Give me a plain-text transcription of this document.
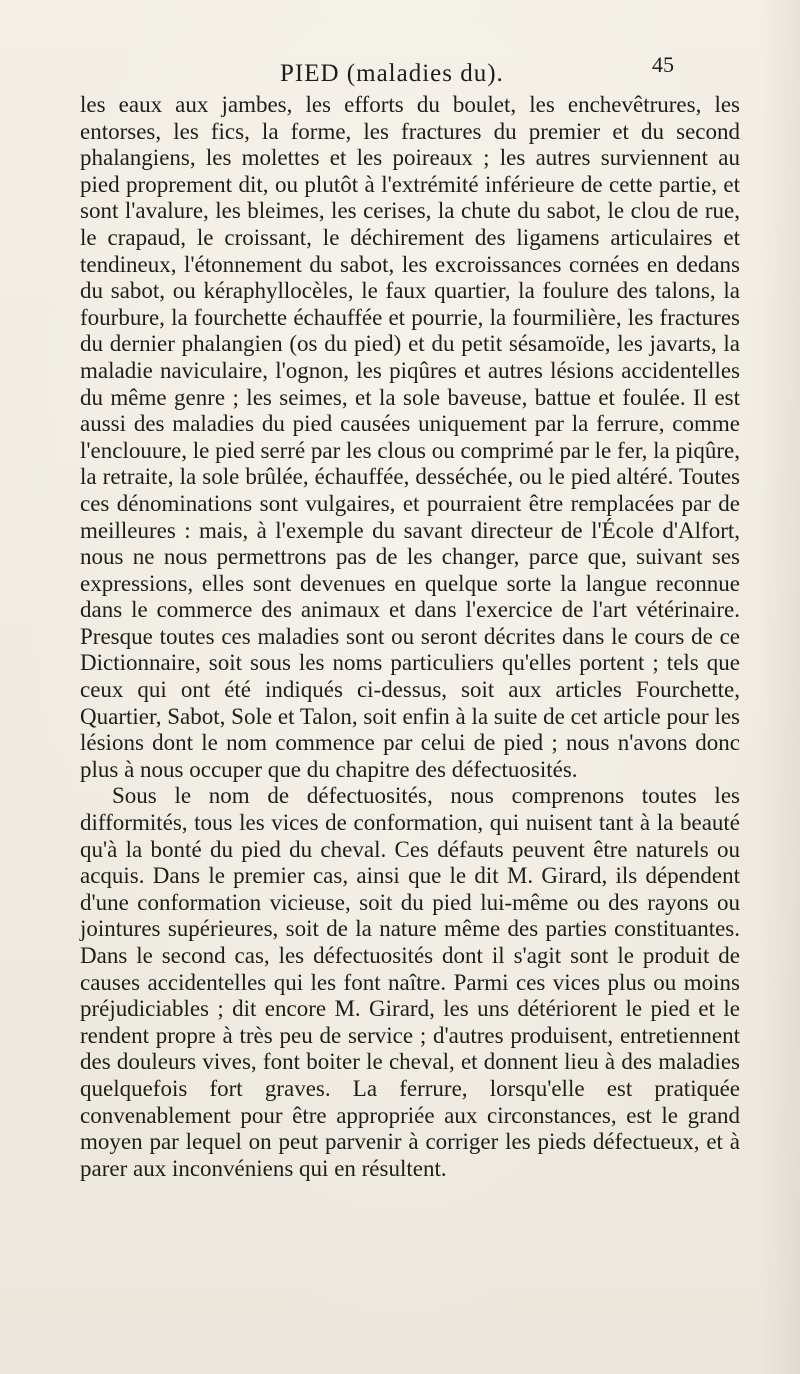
PIED (maladies du).	45

les eaux aux jambes, les efforts du boulet, les enchevêtrures, les entorses, les fics, la forme, les fractures du premier et du second phalangiens, les molettes et les poireaux ; les autres surviennent au pied proprement dit, ou plutôt à l'extrémité inférieure de cette partie, et sont l'avalure, les bleimes, les cerises, la chute du sabot, le clou de rue, le crapaud, le croissant, le déchirement des ligamens articulaires et tendineux, l'étonnement du sabot, les excroissances cornées en dedans du sabot, ou kéraphyllocèles, le faux quartier, la foulure des talons, la fourbure, la fourchette échauffée et pourrie, la fourmilière, les fractures du dernier phalangien (os du pied) et du petit sésamoïde, les javarts, la maladie naviculaire, l'ognon, les piqûres et autres lésions accidentelles du même genre ; les seimes, et la sole baveuse, battue et foulée. Il est aussi des maladies du pied causées uniquement par la ferrure, comme l'enclouure, le pied serré par les clous ou comprimé par le fer, la piqûre, la retraite, la sole brûlée, échauffée, desséchée, ou le pied altéré. Toutes ces dénominations sont vulgaires, et pourraient être remplacées par de meilleures : mais, à l'exemple du savant directeur de l'École d'Alfort, nous ne nous permettrons pas de les changer, parce que, suivant ses expressions, elles sont devenues en quelque sorte la langue reconnue dans le commerce des animaux et dans l'exercice de l'art vétérinaire. Presque toutes ces maladies sont ou seront décrites dans le cours de ce Dictionnaire, soit sous les noms particuliers qu'elles portent ; tels que ceux qui ont été indiqués ci-dessus, soit aux articles Fourchette, Quartier, Sabot, Sole et Talon, soit enfin à la suite de cet article pour les lésions dont le nom commence par celui de pied ; nous n'avons donc plus à nous occuper que du chapitre des défectuosités.

Sous le nom de défectuosités, nous comprenons toutes les difformités, tous les vices de conformation, qui nuisent tant à la beauté qu'à la bonté du pied du cheval. Ces défauts peuvent être naturels ou acquis. Dans le premier cas, ainsi que le dit M. Girard, ils dépendent d'une conformation vicieuse, soit du pied lui-même ou des rayons ou jointures supérieures, soit de la nature même des parties constituantes. Dans le second cas, les défectuosités dont il s'agit sont le produit de causes accidentelles qui les font naître. Parmi ces vices plus ou moins préjudiciables ; dit encore M. Girard, les uns détériorent le pied et le rendent propre à très peu de service ; d'autres produisent, entretiennent des douleurs vives, font boiter le cheval, et donnent lieu à des maladies quelquefois fort graves. La ferrure, lorsqu'elle est pratiquée convenablement pour être appropriée aux circonstances, est le grand moyen par lequel on peut parvenir à corriger les pieds défectueux, et à parer aux inconvéniens qui en résultent.
